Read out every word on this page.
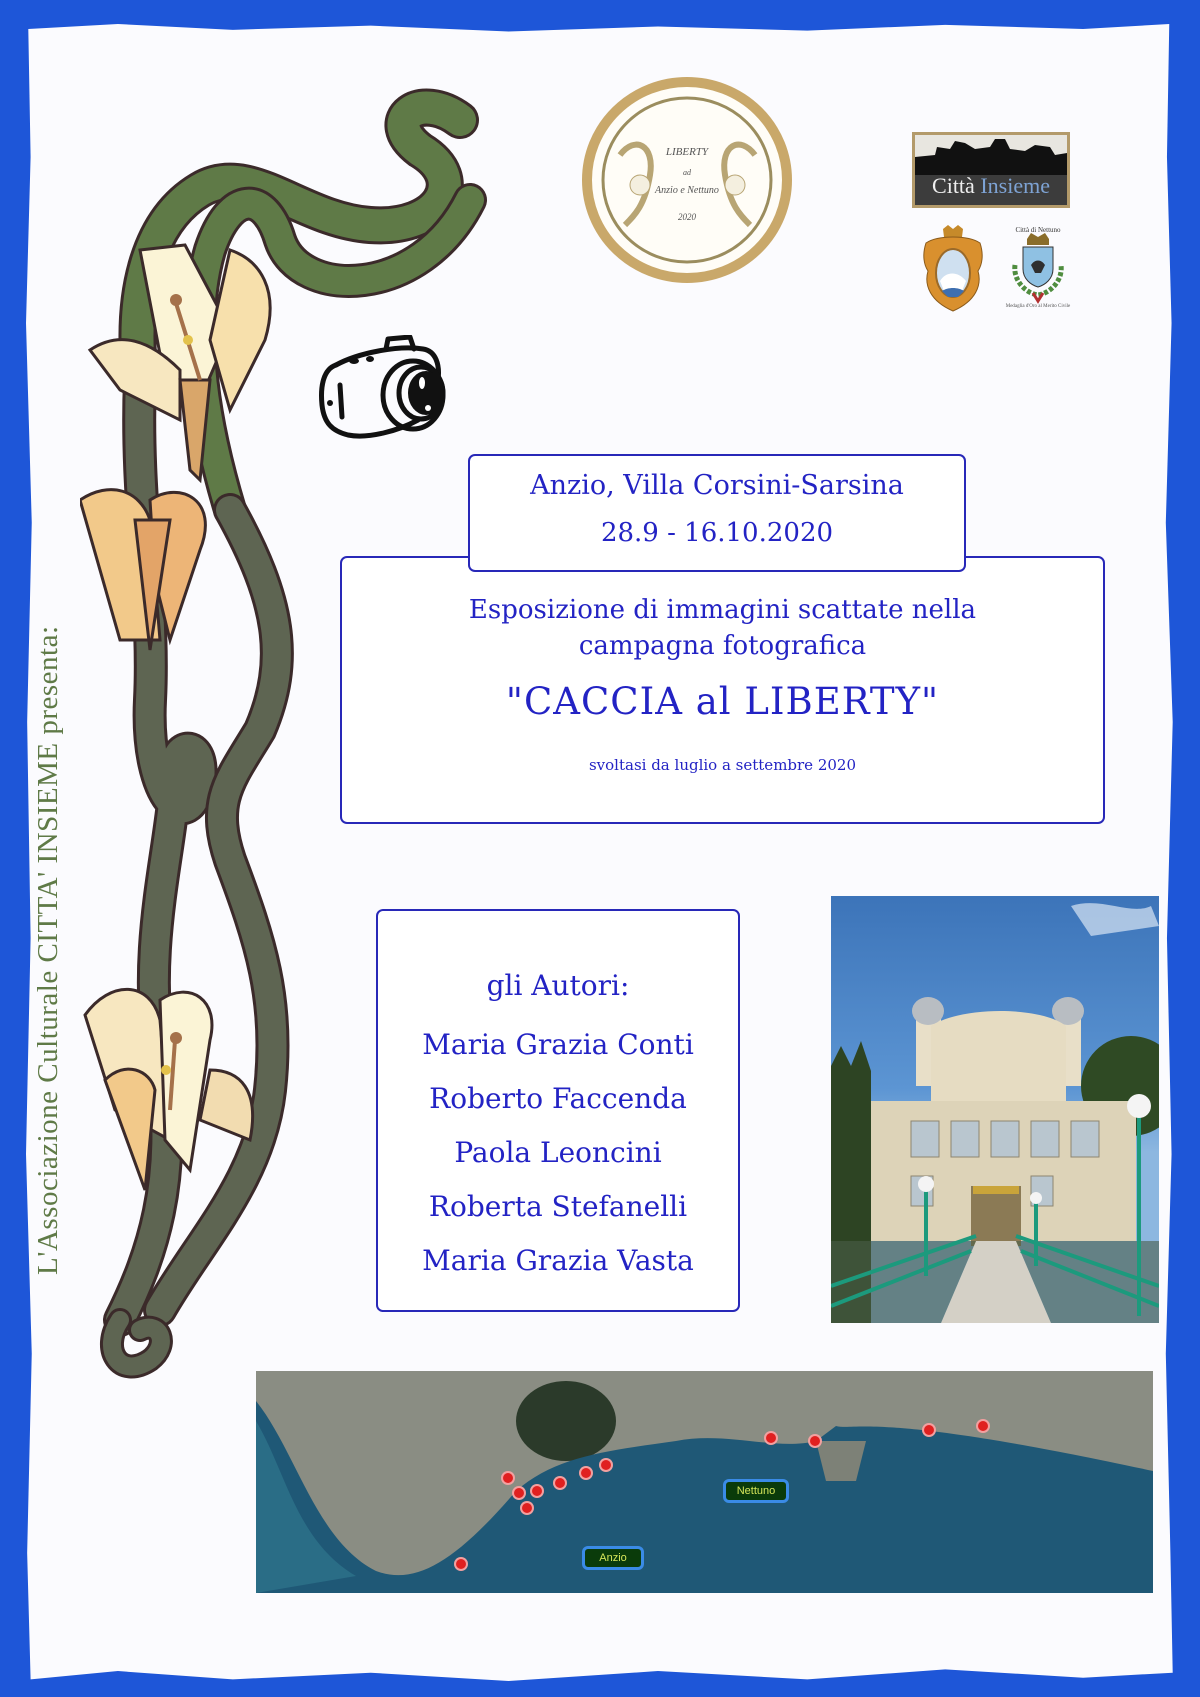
L'Associazione Culturale CITTA' INSIEME presenta:
LIBERTY
ad
Anzio e Nettuno
2020
Città Insieme
Città di Nettuno
Medaglia d'Oro al Merito Civile
Anzio, Villa Corsini-Sarsina
28.9 - 16.10.2020
Esposizione di immagini scattate nella
campagna fotografica
"CACCIA al LIBERTY"
svoltasi da luglio a settembre 2020
gli Autori:
Maria Grazia Conti
Roberto Faccenda
Paola Leoncini
Roberta Stefanelli
Maria Grazia Vasta
Nettuno
Anzio
